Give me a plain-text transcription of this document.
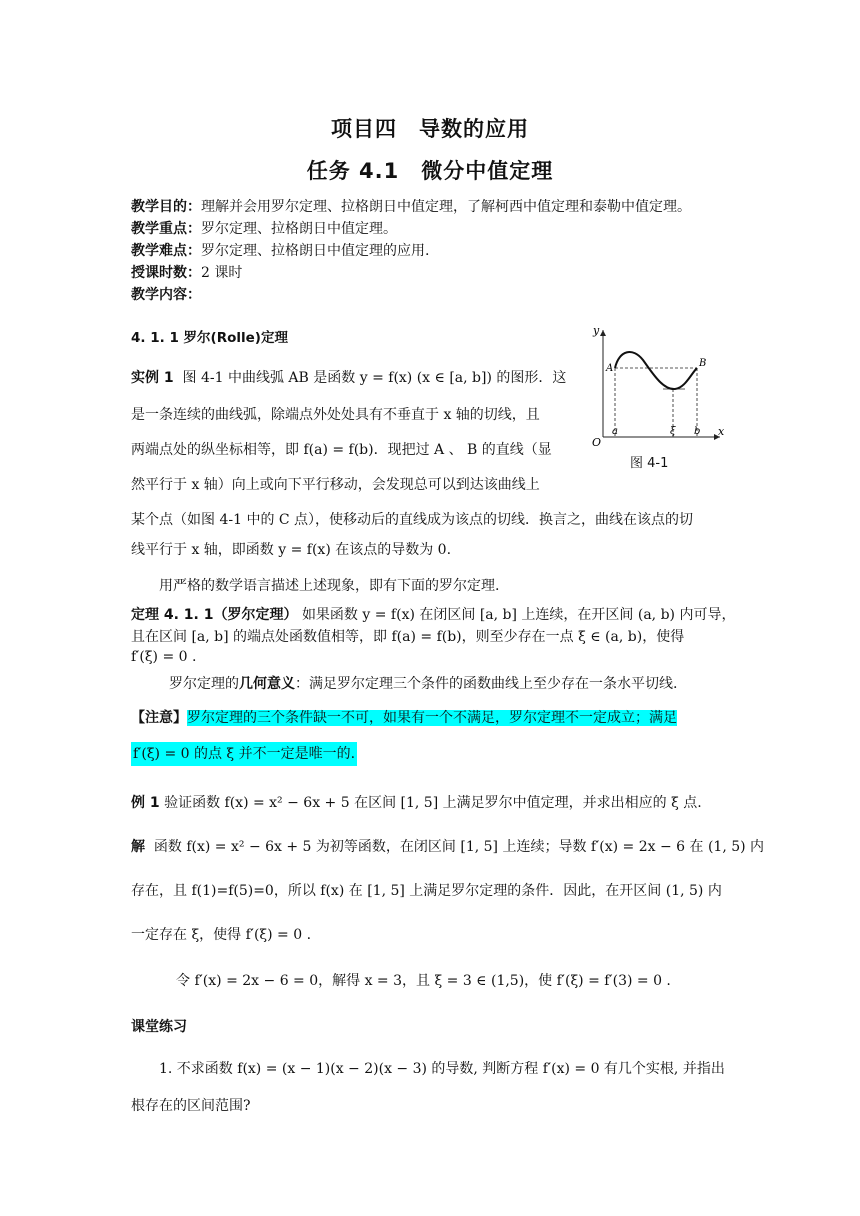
项目四　导数的应用
任务 4.1　微分中值定理
教学目的：理解并会用罗尔定理、拉格朗日中值定理，了解柯西中值定理和泰勒中值定理。
教学重点：罗尔定理、拉格朗日中值定理。
教学难点：罗尔定理、拉格朗日中值定理的应用.
授课时数：2 课时
教学内容：
4. 1. 1 罗尔(Rolle)定理	y
x
O
a	b
ξ
A	B
图 4-1
实例 1 图 4-1 中曲线弧 AB 是函数 y = f(x) (x ∈ [a, b]) 的图形．这
是一条连续的曲线弧，除端点外处处具有不垂直于 x 轴的切线，且
两端点处的纵坐标相等，即 f(a) = f(b)．现把过 A 、 B 的直线（显
然平行于 x 轴）向上或向下平行移动，会发现总可以到达该曲线上
某个点（如图 4-1 中的 C 点），使移动后的直线成为该点的切线．换言之，曲线在该点的切
线平行于 x 轴，即函数 y = f(x) 在该点的导数为 0.
用严格的数学语言描述上述现象，即有下面的罗尔定理.
定理 4. 1. 1（罗尔定理） 如果函数 y = f(x) 在闭区间 [a, b] 上连续，在开区间 (a, b) 内可导，
且在区间 [a, b] 的端点处函数值相等，即 f(a) = f(b)，则至少存在一点 ξ ∈ (a, b)，使得
f′(ξ) = 0 .
罗尔定理的几何意义：满足罗尔定理三个条件的函数曲线上至少存在一条水平切线.
【注意】罗尔定理的三个条件缺一不可，如果有一个不满足，罗尔定理不一定成立；满足
f′(ξ) = 0 的点 ξ 并不一定是唯一的.
例 1 验证函数 f(x) = x² − 6x + 5 在区间 [1, 5] 上满足罗尔中值定理，并求出相应的 ξ 点.
解 函数 f(x) = x² − 6x + 5 为初等函数，在闭区间 [1, 5] 上连续；导数 f′(x) = 2x − 6 在 (1, 5) 内
存在，且 f(1)=f(5)=0，所以 f(x) 在 [1, 5] 上满足罗尔定理的条件．因此，在开区间 (1, 5) 内
一定存在 ξ，使得 f′(ξ) = 0 .
令 f′(x) = 2x − 6 = 0，解得 x = 3，且 ξ = 3 ∈ (1,5)，使 f′(ξ) = f′(3) = 0 .
课堂练习
1. 不求函数 f(x) = (x − 1)(x − 2)(x − 3) 的导数, 判断方程 f′(x) = 0 有几个实根, 并指出
根存在的区间范围?
